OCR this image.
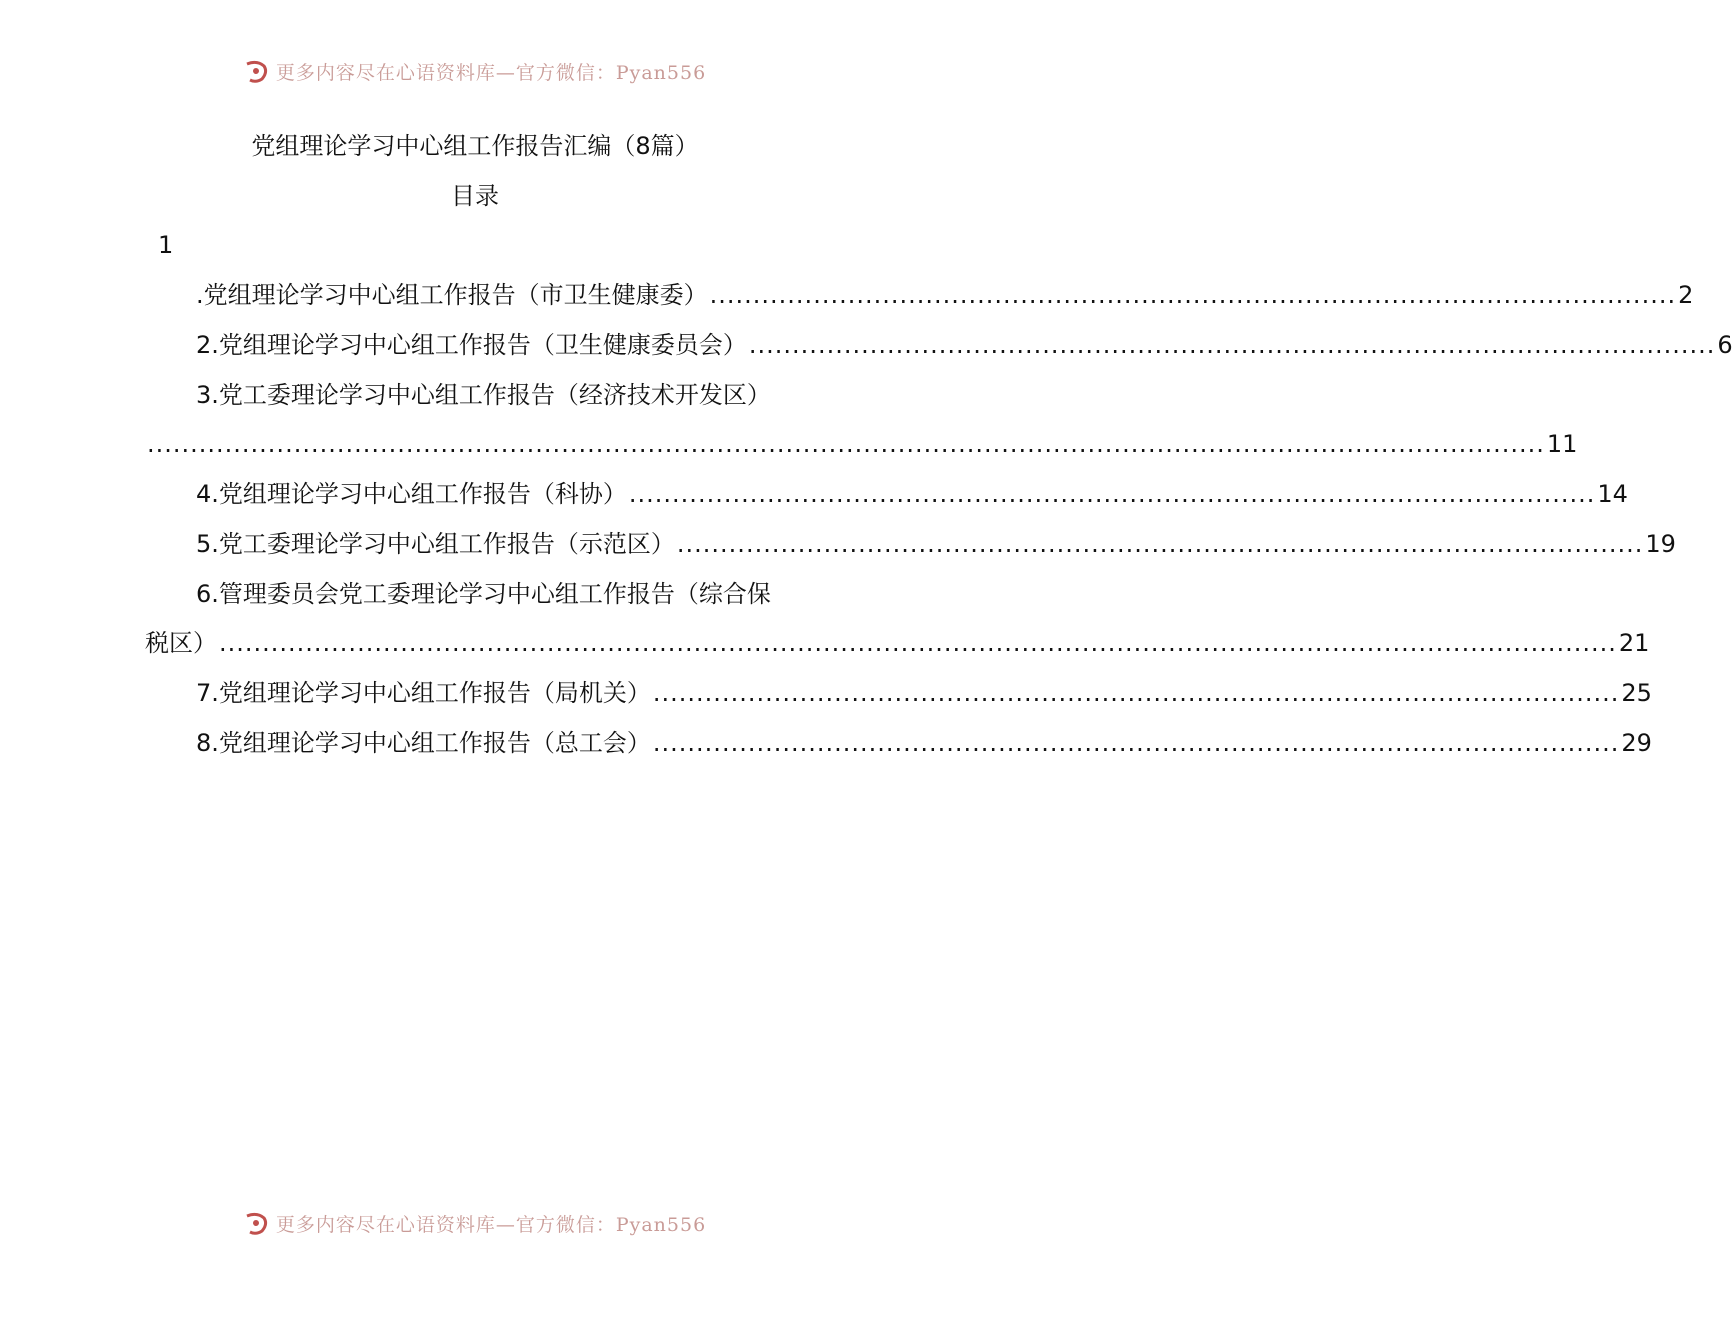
更多内容尽在心语资料库—官方微信：Pyan556
党组理论学习中心组工作报告汇编（8篇）
目录
1
.党组理论学习中心组工作报告（市卫生健康委） ................................................................................................................ 2
2.党组理论学习中心组工作报告（卫生健康委员会） ................................................................................................................ 6
3.党工委理论学习中心组工作报告（经济技术开发区）
.................................................................................................................................................................. 11
4.党组理论学习中心组工作报告（科协） ................................................................................................................ 14
5.党工委理论学习中心组工作报告（示范区） ................................................................................................................ 19
6.管理委员会党工委理论学习中心组工作报告（综合保
税区） .................................................................................................................................................................. 21
7.党组理论学习中心组工作报告（局机关） ................................................................................................................ 25
8.党组理论学习中心组工作报告（总工会） ................................................................................................................ 29
更多内容尽在心语资料库—官方微信：Pyan556
